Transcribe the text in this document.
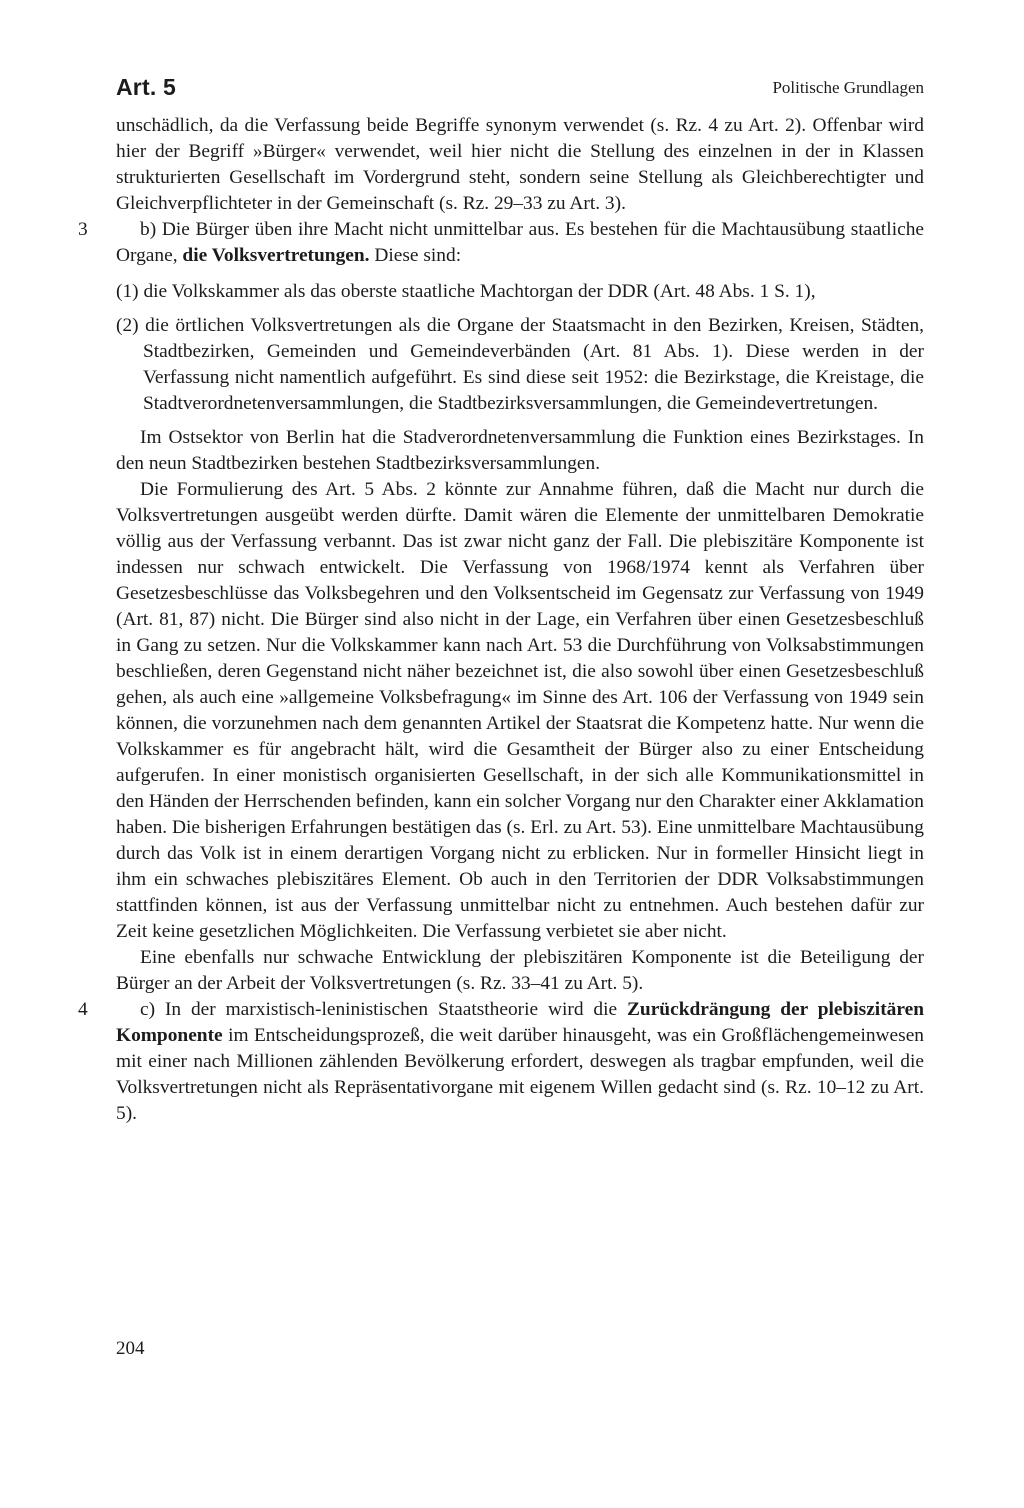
Art. 5	Politische Grundlagen

unschädlich, da die Verfassung beide Begriffe synonym verwendet (s. Rz. 4 zu Art. 2). Offenbar wird hier der Begriff »Bürger« verwendet, weil hier nicht die Stellung des einzelnen in der in Klassen strukturierten Gesellschaft im Vordergrund steht, sondern seine Stellung als Gleichberechtigter und Gleichverpflichteter in der Gemeinschaft (s. Rz. 29–33 zu Art. 3).

3	b) Die Bürger üben ihre Macht nicht unmittelbar aus. Es bestehen für die Machtausübung staatliche Organe, die Volksvertretungen. Diese sind:

(1) die Volkskammer als das oberste staatliche Machtorgan der DDR (Art. 48 Abs. 1 S. 1),

(2) die örtlichen Volksvertretungen als die Organe der Staatsmacht in den Bezirken, Kreisen, Städten, Stadtbezirken, Gemeinden und Gemeindeverbänden (Art. 81 Abs. 1). Diese werden in der Verfassung nicht namentlich aufgeführt. Es sind diese seit 1952: die Bezirkstage, die Kreistage, die Stadtverordnetenversammlungen, die Stadtbezirksversammlungen, die Gemeindevertretungen.

Im Ostsektor von Berlin hat die Stadverordnetenversammlung die Funktion eines Bezirkstages. In den neun Stadtbezirken bestehen Stadtbezirksversammlungen.

Die Formulierung des Art. 5 Abs. 2 könnte zur Annahme führen, daß die Macht nur durch die Volksvertretungen ausgeübt werden dürfte. Damit wären die Elemente der unmittelbaren Demokratie völlig aus der Verfassung verbannt. Das ist zwar nicht ganz der Fall. Die plebiszitäre Komponente ist indessen nur schwach entwickelt. Die Verfassung von 1968/1974 kennt als Verfahren über Gesetzesbeschlüsse das Volksbegehren und den Volksentscheid im Gegensatz zur Verfassung von 1949 (Art. 81, 87) nicht. Die Bürger sind also nicht in der Lage, ein Verfahren über einen Gesetzesbeschluß in Gang zu setzen. Nur die Volkskammer kann nach Art. 53 die Durchführung von Volksabstimmungen beschließen, deren Gegenstand nicht näher bezeichnet ist, die also sowohl über einen Gesetzesbeschluß gehen, als auch eine »allgemeine Volksbefragung« im Sinne des Art. 106 der Verfassung von 1949 sein können, die vorzunehmen nach dem genannten Artikel der Staatsrat die Kompetenz hatte. Nur wenn die Volkskammer es für angebracht hält, wird die Gesamtheit der Bürger also zu einer Entscheidung aufgerufen. In einer monistisch organisierten Gesellschaft, in der sich alle Kommunikationsmittel in den Händen der Herrschenden befinden, kann ein solcher Vorgang nur den Charakter einer Akklamation haben. Die bisherigen Erfahrungen bestätigen das (s. Erl. zu Art. 53). Eine unmittelbare Machtausübung durch das Volk ist in einem derartigen Vorgang nicht zu erblicken. Nur in formeller Hinsicht liegt in ihm ein schwaches plebiszitäres Element. Ob auch in den Territorien der DDR Volksabstimmungen stattfinden können, ist aus der Verfassung unmittelbar nicht zu entnehmen. Auch bestehen dafür zur Zeit keine gesetzlichen Möglichkeiten. Die Verfassung verbietet sie aber nicht.

Eine ebenfalls nur schwache Entwicklung der plebiszitären Komponente ist die Beteiligung der Bürger an der Arbeit der Volksvertretungen (s. Rz. 33–41 zu Art. 5).

4	c) In der marxistisch-leninistischen Staatstheorie wird die Zurückdrängung der plebiszitären Komponente im Entscheidungsprozeß, die weit darüber hinausgeht, was ein Großflächengemeinwesen mit einer nach Millionen zählenden Bevölkerung erfordert, deswegen als tragbar empfunden, weil die Volksvertretungen nicht als Repräsentativorgane mit eigenem Willen gedacht sind (s. Rz. 10–12 zu Art. 5).

204
